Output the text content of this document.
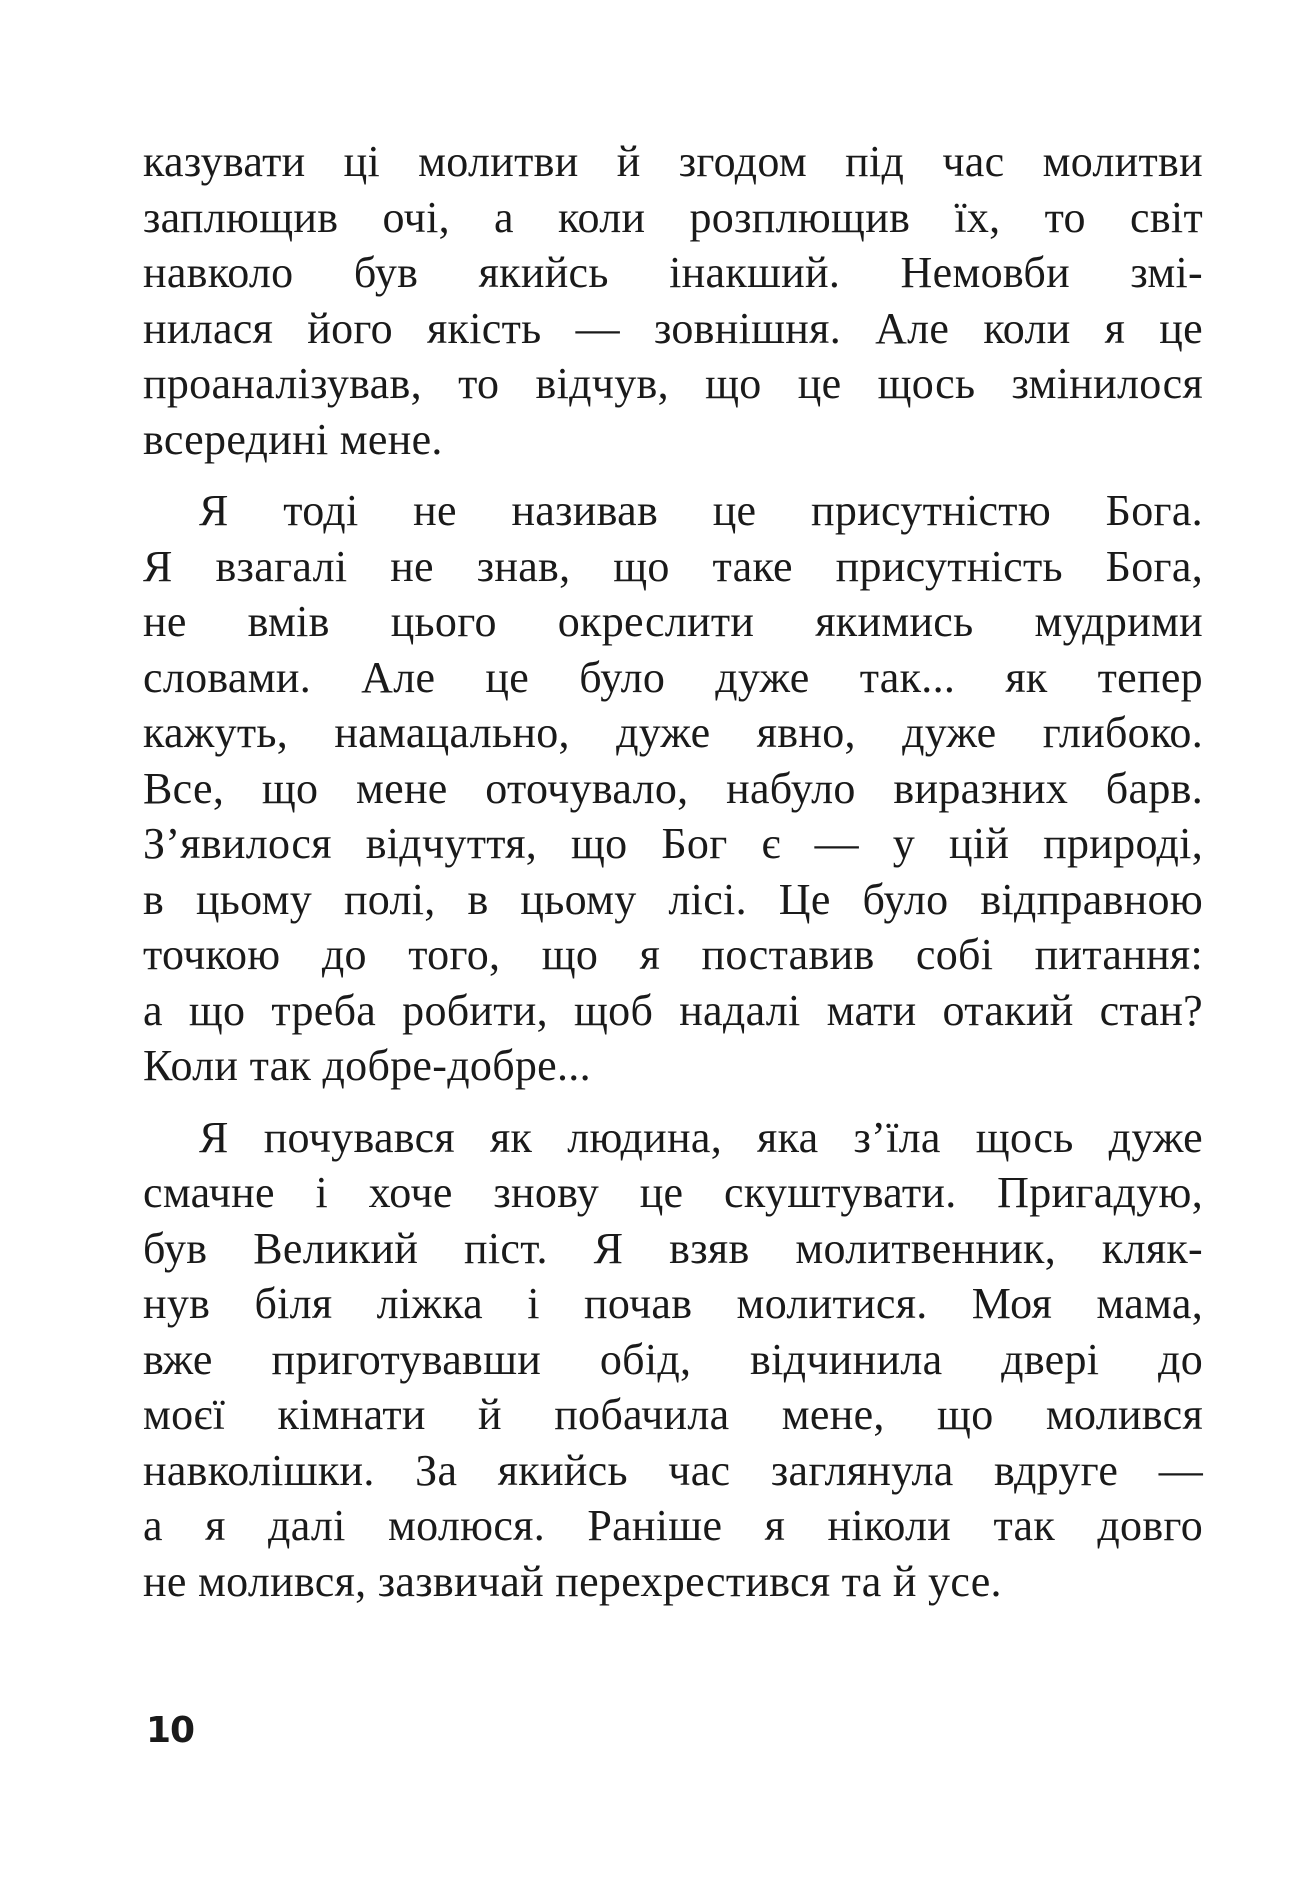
казувати ці молитви й згодом під час молитви
заплющив очі, а коли розплющив їх, то світ
навколо був якийсь інакший. Немовби змі-
нилася його якість — зовнішня. Але коли я це
проаналізував, то відчув, що це щось змінилося
всередині мене.
Я тоді не називав це присутністю Бога.
Я взагалі не знав, що таке присутність Бога,
не вмів цього окреслити якимись мудрими
словами. Але це було дуже так... як тепер
кажуть, намацально, дуже явно, дуже глибоко.
Все, що мене оточувало, набуло виразних барв.
З’явилося відчуття, що Бог є — у цій природі,
в цьому полі, в цьому лісі. Це було відправною
точкою до того, що я поставив собі питання:
а що треба робити, щоб надалі мати отакий стан?
Коли так добре-добре...
Я почувався як людина, яка з’їла щось дуже
смачне і хоче знову це скуштувати. Пригадую,
був Великий піст. Я взяв молитвенник, кляк-
нув біля ліжка і почав молитися. Моя мама,
вже приготувавши обід, відчинила двері до
моєї кімнати й побачила мене, що молився
навколішки. За якийсь час заглянула вдруге —
а я далі молюся. Раніше я ніколи так довго
не молився, зазвичай перехрестився та й усе.
10
